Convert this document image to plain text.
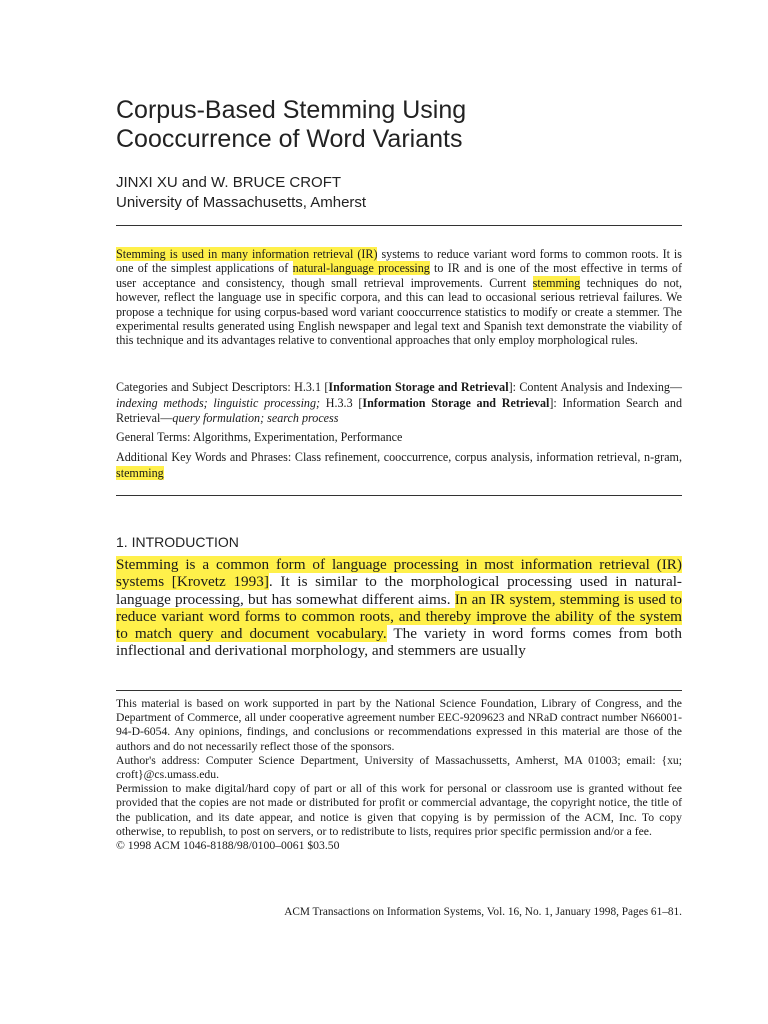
Corpus-Based Stemming Using
Cooccurrence of Word Variants
JINXI XU and W. BRUCE CROFT
University of Massachusetts, Amherst

Stemming is used in many information retrieval (IR) systems to reduce variant word forms to common roots. It is one of the simplest applications of natural-language processing to IR and is one of the most effective in terms of user acceptance and consistency, though small retrieval improvements. Current stemming techniques do not, however, reflect the language use in specific corpora, and this can lead to occasional serious retrieval failures. We propose a technique for using corpus-based word variant cooccurrence statistics to modify or create a stemmer. The experimental results generated using English newspaper and legal text and Spanish text demonstrate the viability of this technique and its advantages relative to conventional approaches that only employ morphological rules.

Categories and Subject Descriptors: H.3.1 [Information Storage and Retrieval]: Content Analysis and Indexing—indexing methods; linguistic processing; H.3.3 [Information Storage and Retrieval]: Information Search and Retrieval—query formulation; search process

General Terms: Algorithms, Experimentation, Performance

Additional Key Words and Phrases: Class refinement, cooccurrence, corpus analysis, information retrieval, n-gram, stemming

1. INTRODUCTION

Stemming is a common form of language processing in most information retrieval (IR) systems [Krovetz 1993]. It is similar to the morphological processing used in natural-language processing, but has somewhat different aims. In an IR system, stemming is used to reduce variant word forms to common roots, and thereby improve the ability of the system to match query and document vocabulary. The variety in word forms comes from both inflectional and derivational morphology, and stemmers are usually

This material is based on work supported in part by the National Science Foundation, Library of Congress, and the Department of Commerce, all under cooperative agreement number EEC-9209623 and NRaD contract number N66001-94-D-6054. Any opinions, findings, and conclusions or recommendations expressed in this material are those of the authors and do not necessarily reflect those of the sponsors.

Author's address: Computer Science Department, University of Massachussetts, Amherst, MA 01003; email: {xu; croft}@cs.umass.edu.

Permission to make digital/hard copy of part or all of this work for personal or classroom use is granted without fee provided that the copies are not made or distributed for profit or commercial advantage, the copyright notice, the title of the publication, and its date appear, and notice is given that copying is by permission of the ACM, Inc. To copy otherwise, to republish, to post on servers, or to redistribute to lists, requires prior specific permission and/or a fee.

© 1998 ACM 1046-8188/98/0100–0061 $03.50

ACM Transactions on Information Systems, Vol. 16, No. 1, January 1998, Pages 61–81.
